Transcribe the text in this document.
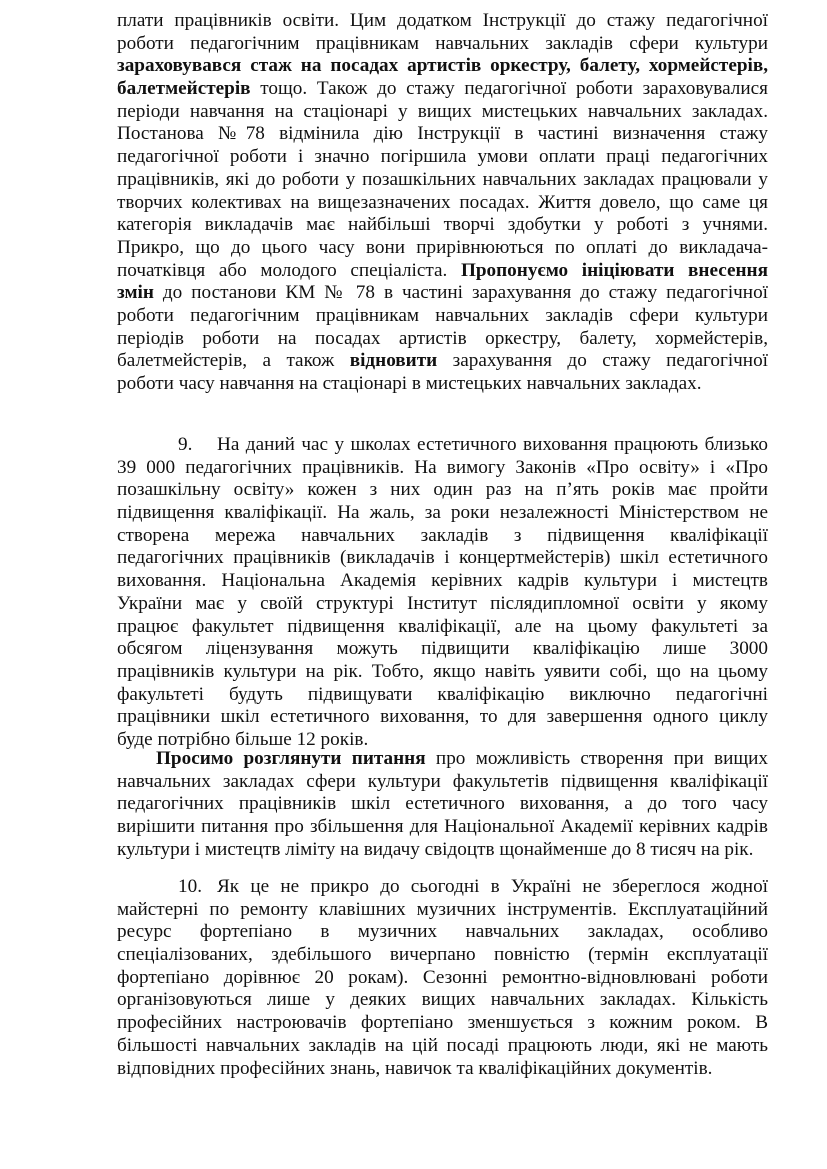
плати працівників освіти. Цим додатком Інструкції до стажу педагогічної
роботи педагогічним працівникам навчальних закладів сфери культури
зараховувався стаж на посадах артистів оркестру, балету, хормейстерів,
балетмейстерів тощо. Також до стажу педагогічної роботи зараховувалися
періоди навчання на стаціонарі у вищих мистецьких навчальних закладах.
Постанова №78 відмінила дію Інструкції в частині визначення стажу
педагогічної роботи і значно погіршила умови оплати праці педагогічних
працівників, які до роботи у позашкільних навчальних закладах працювали у
творчих колективах на вищезазначених посадах. Життя довело, що саме ця
категорія викладачів має найбільші творчі здобутки у роботі з учнями.
Прикро, що до цього часу вони прирівнюються по оплаті до викладача-
початківця або молодого спеціаліста. Пропонуємо ініціювати внесення
змін до постанови КМ № 78 в частині зарахування до стажу педагогічної
роботи педагогічним працівникам навчальних закладів сфери культури
періодів роботи на посадах артистів оркестру, балету, хормейстерів,
балетмейстерів, а також відновити зарахування до стажу педагогічної
роботи часу навчання на стаціонарі в мистецьких навчальних закладах.
9. На даний час у школах естетичного виховання працюють близько
39 000 педагогічних працівників. На вимогу Законів «Про освіту» і «Про
позашкільну освіту» кожен з них один раз на п’ять років має пройти
підвищення кваліфікації. На жаль, за роки незалежності Міністерством не
створена мережа навчальних закладів з підвищення кваліфікації
педагогічних працівників (викладачів і концертмейстерів) шкіл естетичного
виховання. Національна Академія керівних кадрів культури і мистецтв
України має у своїй структурі Інститут післядипломної освіти у якому
працює факультет підвищення кваліфікації, але на цьому факультеті за
обсягом ліцензування можуть підвищити кваліфікацію лише 3000
працівників культури на рік. Тобто, якщо навіть уявити собі, що на цьому
факультеті будуть підвищувати кваліфікацію виключно педагогічні
працівники шкіл естетичного виховання, то для завершення одного циклу
буде потрібно більше 12 років.
Просимо розглянути питання про можливість створення при вищих
навчальних закладах сфери культури факультетів підвищення кваліфікації
педагогічних працівників шкіл естетичного виховання, а до того часу
вирішити питання про збільшення для Національної Академії керівних кадрів
культури і мистецтв ліміту на видачу свідоцтв щонайменше до 8 тисяч на рік.
10. Як це не прикро до сьогодні в Україні не збереглося жодної
майстерні по ремонту клавішних музичних інструментів. Експлуатаційний
ресурс фортепіано в музичних навчальних закладах, особливо
спеціалізованих, здебільшого вичерпано повністю (термін експлуатації
фортепіано дорівнює 20 рокам). Сезонні ремонтно-відновлювані роботи
організовуються лише у деяких вищих навчальних закладах. Кількість
професійних настроювачів фортепіано зменшується з кожним роком. В
більшості навчальних закладів на цій посаді працюють люди, які не мають
відповідних професійних знань, навичок та кваліфікаційних документів.
